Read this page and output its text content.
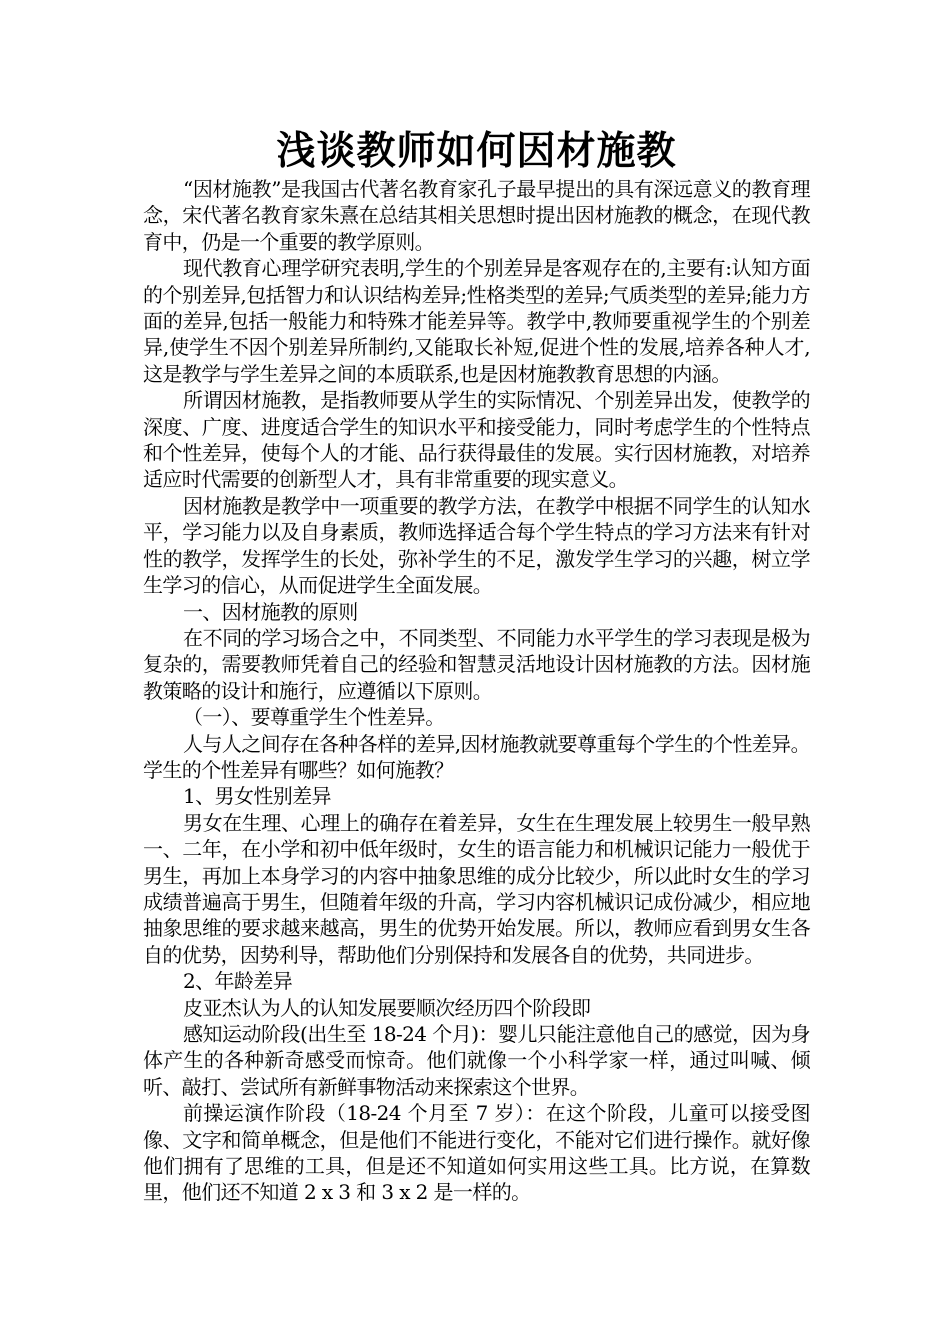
浅谈教师如何因材施教

“因材施教”是我国古代著名教育家孔子最早提出的具有深远意义的教育理念，宋代著名教育家朱熹在总结其相关思想时提出因材施教的概念，在现代教育中，仍是一个重要的教学原则。

现代教育心理学研究表明,学生的个别差异是客观存在的,主要有:认知方面的个别差异,包括智力和认识结构差异;性格类型的差异;气质类型的差异;能力方面的差异,包括一般能力和特殊才能差异等。教学中,教师要重视学生的个别差异,使学生不因个别差异所制约,又能取长补短,促进个性的发展,培养各种人才,这是教学与学生差异之间的本质联系,也是因材施教教育思想的内涵。

所谓因材施教，是指教师要从学生的实际情况、个别差异出发，使教学的深度、广度、进度适合学生的知识水平和接受能力，同时考虑学生的个性特点和个性差异，使每个人的才能、品行获得最佳的发展。实行因材施教，对培养适应时代需要的创新型人才，具有非常重要的现实意义。

因材施教是教学中一项重要的教学方法，在教学中根据不同学生的认知水平，学习能力以及自身素质，教师选择适合每个学生特点的学习方法来有针对性的教学，发挥学生的长处，弥补学生的不足，激发学生学习的兴趣，树立学生学习的信心，从而促进学生全面发展。

一、因材施教的原则

在不同的学习场合之中，不同类型、不同能力水平学生的学习表现是极为复杂的，需要教师凭着自己的经验和智慧灵活地设计因材施教的方法。因材施教策略的设计和施行，应遵循以下原则。

（一）、要尊重学生个性差异。

人与人之间存在各种各样的差异,因材施教就要尊重每个学生的个性差异。学生的个性差异有哪些？如何施教？

1、男女性别差异

男女在生理、心理上的确存在着差异，女生在生理发展上较男生一般早熟一、二年，在小学和初中低年级时，女生的语言能力和机械识记能力一般优于男生，再加上本身学习的内容中抽象思维的成分比较少，所以此时女生的学习成绩普遍高于男生，但随着年级的升高，学习内容机械识记成份减少，相应地抽象思维的要求越来越高，男生的优势开始发展。所以，教师应看到男女生各自的优势，因势利导，帮助他们分别保持和发展各自的优势，共同进步。

2、年龄差异

皮亚杰认为人的认知发展要顺次经历四个阶段即

感知运动阶段(出生至 18-24 个月)：婴儿只能注意他自己的感觉，因为身体产生的各种新奇感受而惊奇。他们就像一个小科学家一样，通过叫喊、倾听、敲打、尝试所有新鲜事物活动来探索这个世界。

前操运演作阶段（18-24 个月至 7 岁）：在这个阶段，儿童可以接受图像、文字和简单概念，但是他们不能进行变化，不能对它们进行操作。就好像他们拥有了思维的工具，但是还不知道如何实用这些工具。比方说，在算数里，他们还不知道 2 x 3 和 3 x 2 是一样的。
